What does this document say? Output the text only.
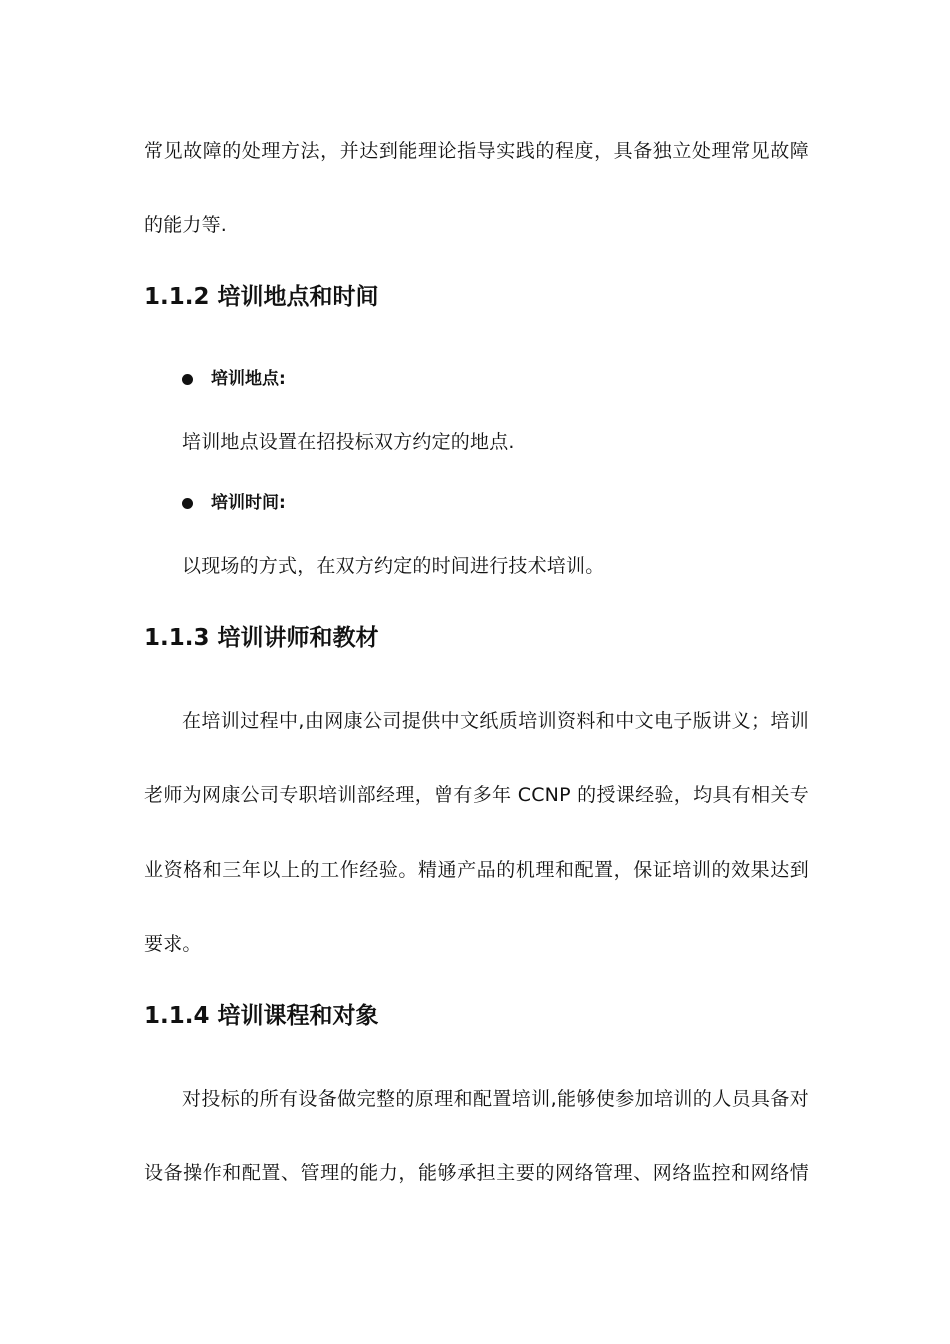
常见故障的处理方法，并达到能理论指导实践的程度，具备独立处理常见故障
的能力等.
1.1.2 培训地点和时间
培训地点:
培训地点设置在招投标双方约定的地点.
培训时间:
以现场的方式，在双方约定的时间进行技术培训。
1.1.3 培训讲师和教材
在培训过程中,由网康公司提供中文纸质培训资料和中文电子版讲义；培训
老师为网康公司专职培训部经理，曾有多年 CCNP 的授课经验，均具有相关专
业资格和三年以上的工作经验。精通产品的机理和配置，保证培训的效果达到
要求。
1.1.4 培训课程和对象
对投标的所有设备做完整的原理和配置培训,能够使参加培训的人员具备对
设备操作和配置、管理的能力，能够承担主要的网络管理、网络监控和网络情
